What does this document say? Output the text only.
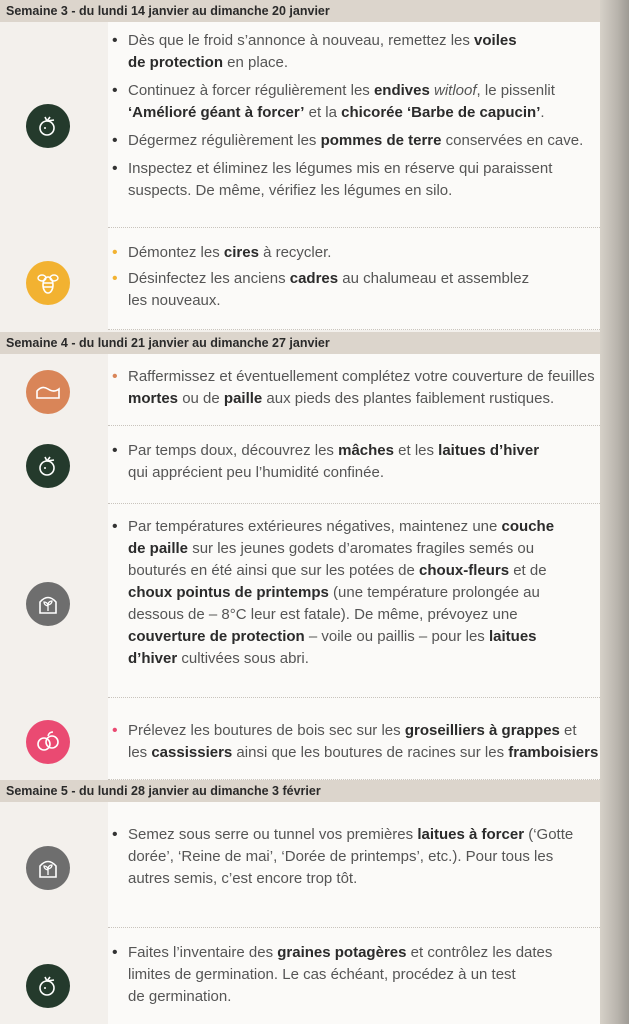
Semaine 3 - du lundi 14 janvier au dimanche 20 janvier
• Dès que le froid s’annonce à nouveau, remettez les voiles
de protection en place.
• Continuez à forcer régulièrement les endives witloof, le pissenlit
‘Amélioré géant à forcer’ et la chicorée ‘Barbe de capucin’.
• Dégermez régulièrement les pommes de terre conservées en cave.
• Inspectez et éliminez les légumes mis en réserve qui paraissent
suspects. De même, vérifiez les légumes en silo.
• Démontez les cires à recycler.
• Désinfectez les anciens cadres au chalumeau et assemblez
les nouveaux.
Semaine 4 - du lundi 21 janvier au dimanche 27 janvier
• Raffermissez et éventuellement complétez votre couverture de feuilles
mortes ou de paille aux pieds des plantes faiblement rustiques.
• Par temps doux, découvrez les mâches et les laitues d’hiver
qui apprécient peu l’humidité confinée.
• Par températures extérieures négatives, maintenez une couche
de paille sur les jeunes godets d’aromates fragiles semés ou
bouturés en été ainsi que sur les potées de choux-fleurs et de
choux pointus de printemps (une température prolongée au
dessous de – 8°C leur est fatale). De même, prévoyez une
couverture de protection – voile ou paillis – pour les laitues
d’hiver cultivées sous abri.
• Prélevez les boutures de bois sec sur les groseilliers à grappes et
les cassissiers ainsi que les boutures de racines sur les framboisiers
Semaine 5 - du lundi 28 janvier au dimanche 3 février
• Semez sous serre ou tunnel vos premières laitues à forcer (‘Gotte
dorée’, ‘Reine de mai’, ‘Dorée de printemps’, etc.). Pour tous les
autres semis, c’est encore trop tôt.
• Faites l’inventaire des graines potagères et contrôlez les dates
limites de germination. Le cas échéant, procédez à un test
de germination.
